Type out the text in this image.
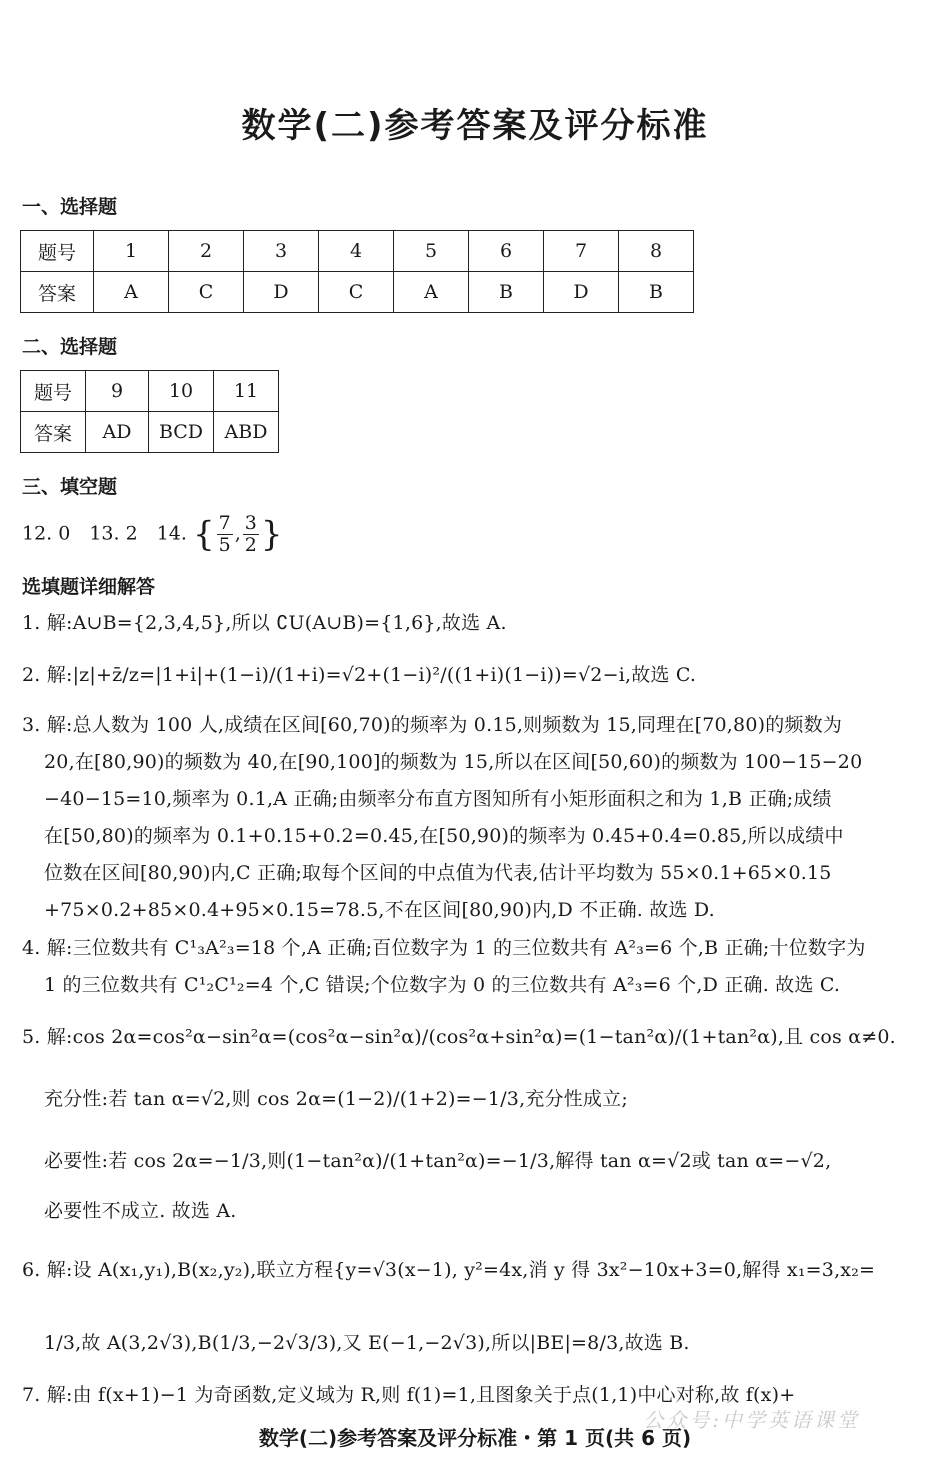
数学(二)参考答案及评分标准
一、选择题
题号	1	2	3	4	5	6	7	8
答案	A	C	D	C	A	B	D	B
二、选择题
题号	9	10	11
答案	AD	BCD	ABD
三、填空题
12. 0　13. 2　14. { $\frac{7}{5}$ , $\frac{3}{2}$ }
选填题详细解答
1. 解:A∪B={2,3,4,5},所以 ∁U(A∪B)={1,6},故选 A.
2. 解:|z|+z̄/z=|1+i|+(1−i)/(1+i)=√2+(1−i)²/((1+i)(1−i))=√2−i,故选 C.
3. 解:总人数为 100 人,成绩在区间[60,70)的频率为 0.15,则频数为 15,同理在[70,80)的频数为
20,在[80,90)的频数为 40,在[90,100]的频数为 15,所以在区间[50,60)的频数为 100−15−20
−40−15=10,频率为 0.1,A 正确;由频率分布直方图知所有小矩形面积之和为 1,B 正确;成绩
在[50,80)的频率为 0.1+0.15+0.2=0.45,在[50,90)的频率为 0.45+0.4=0.85,所以成绩中
位数在区间[80,90)内,C 正确;取每个区间的中点值为代表,估计平均数为 55×0.1+65×0.15
+75×0.2+85×0.4+95×0.15=78.5,不在区间[80,90)内,D 不正确. 故选 D.
4. 解:三位数共有 C¹₃A²₃=18 个,A 正确;百位数字为 1 的三位数共有 A²₃=6 个,B 正确;十位数字为
1 的三位数共有 C¹₂C¹₂=4 个,C 错误;个位数字为 0 的三位数共有 A²₃=6 个,D 正确. 故选 C.
5. 解:cos 2α=cos²α−sin²α=(cos²α−sin²α)/(cos²α+sin²α)=(1−tan²α)/(1+tan²α),且 cos α≠0.
充分性:若 tan α=√2,则 cos 2α=(1−2)/(1+2)=−1/3,充分性成立;
必要性:若 cos 2α=−1/3,则(1−tan²α)/(1+tan²α)=−1/3,解得 tan α=√2或 tan α=−√2,
必要性不成立. 故选 A.
6. 解:设 A(x₁,y₁),B(x₂,y₂),联立方程{y=√3(x−1), y²=4x,消 y 得 3x²−10x+3=0,解得 x₁=3,x₂=
1/3,故 A(3,2√3),B(1/3,−2√3/3),又 E(−1,−2√3),所以|BE|=8/3,故选 B.
7. 解:由 f(x+1)−1 为奇函数,定义域为 R,则 f(1)=1,且图象关于点(1,1)中心对称,故 f(x)+
公众号:中学英语课堂
数学(二)参考答案及评分标准・第 1 页(共 6 页)
